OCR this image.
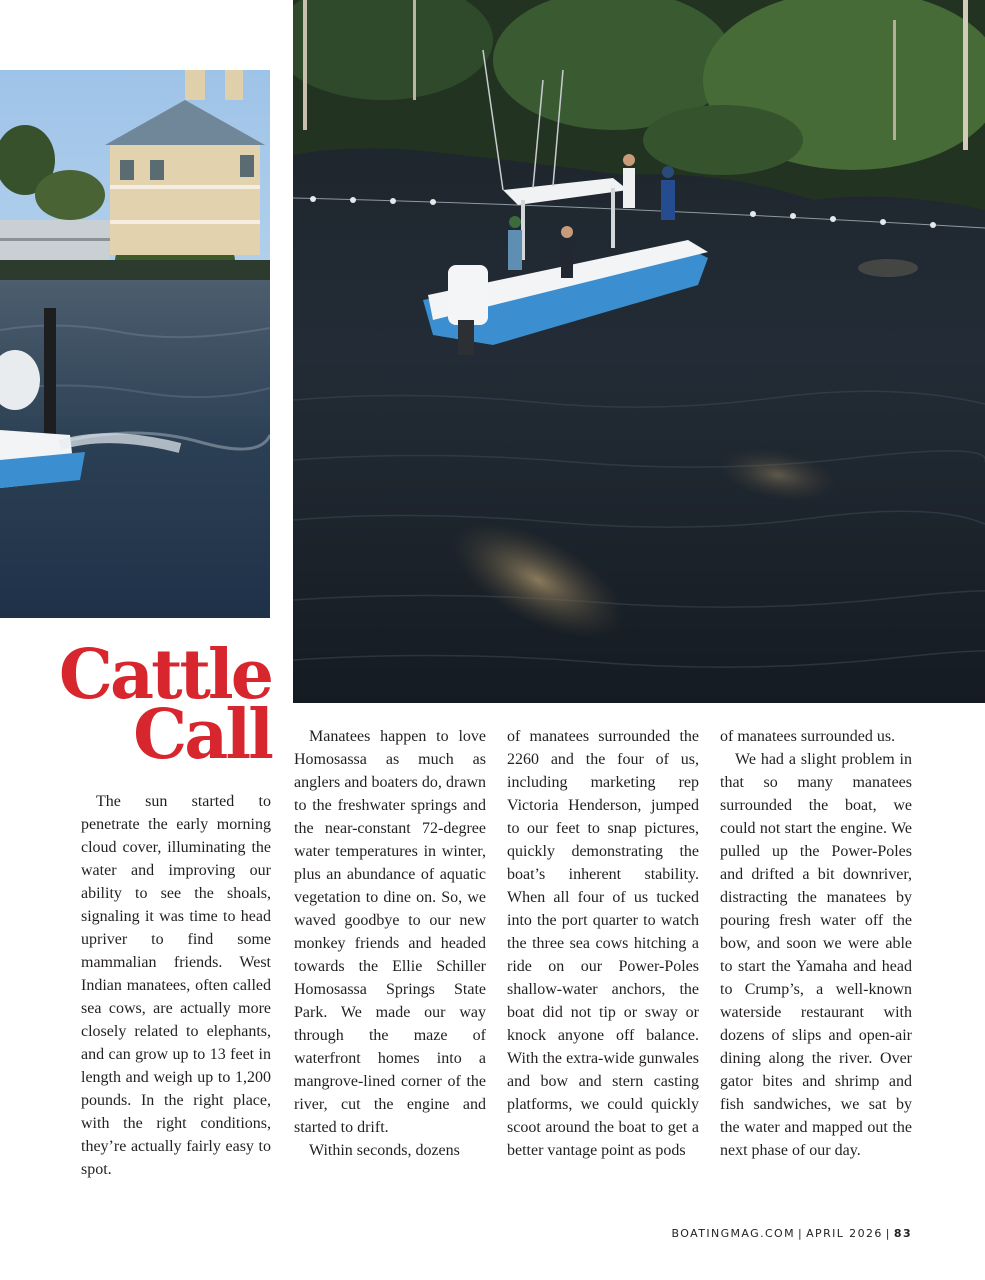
Cattle
Call

The sun started to penetrate the early morning cloud cover, illuminating the water and improving our ability to see the shoals, signaling it was time to head upriver to find some mammalian friends. West Indian manatees, often called sea cows, are actually more closely related to elephants, and can grow up to 13 feet in length and weigh up to 1,200 pounds. In the right place, with the right conditions, they’re actually fairly easy to spot.

Manatees happen to love Homosassa as much as anglers and boaters do, drawn to the freshwater springs and the near-constant 72-degree water temperatures in winter, plus an abundance of aquatic vegetation to dine on. So, we waved goodbye to our new monkey friends and headed towards the Ellie Schiller Homosassa Springs State Park. We made our way through the maze of waterfront homes into a mangrove-lined corner of the river, cut the engine and started to drift.

Within seconds, dozens

of manatees surrounded the 2260 and the four of us, including marketing rep Victoria Henderson, jumped to our feet to snap pictures, quickly demonstrating the boat’s inherent stability. When all four of us tucked into the port quarter to watch the three sea cows hitching a ride on our Power-Poles shallow-water anchors, the boat did not tip or sway or knock anyone off balance. With the extra-wide gunwales and bow and stern casting platforms, we could quickly scoot around the boat to get a better vantage point as pods

of manatees surrounded us.

We had a slight problem in that so many manatees surrounded the boat, we could not start the engine. We pulled up the Power-Poles and drifted a bit downriver, distracting the manatees by pouring fresh water off the bow, and soon we were able to start the Yamaha and head to Crump’s, a well-known waterside restaurant with dozens of slips and open-air dining along the river. Over gator bites and shrimp and fish sandwiches, we sat by the water and mapped out the next phase of our day.

BOATINGMAG.COM | APRIL 2026 | 83
